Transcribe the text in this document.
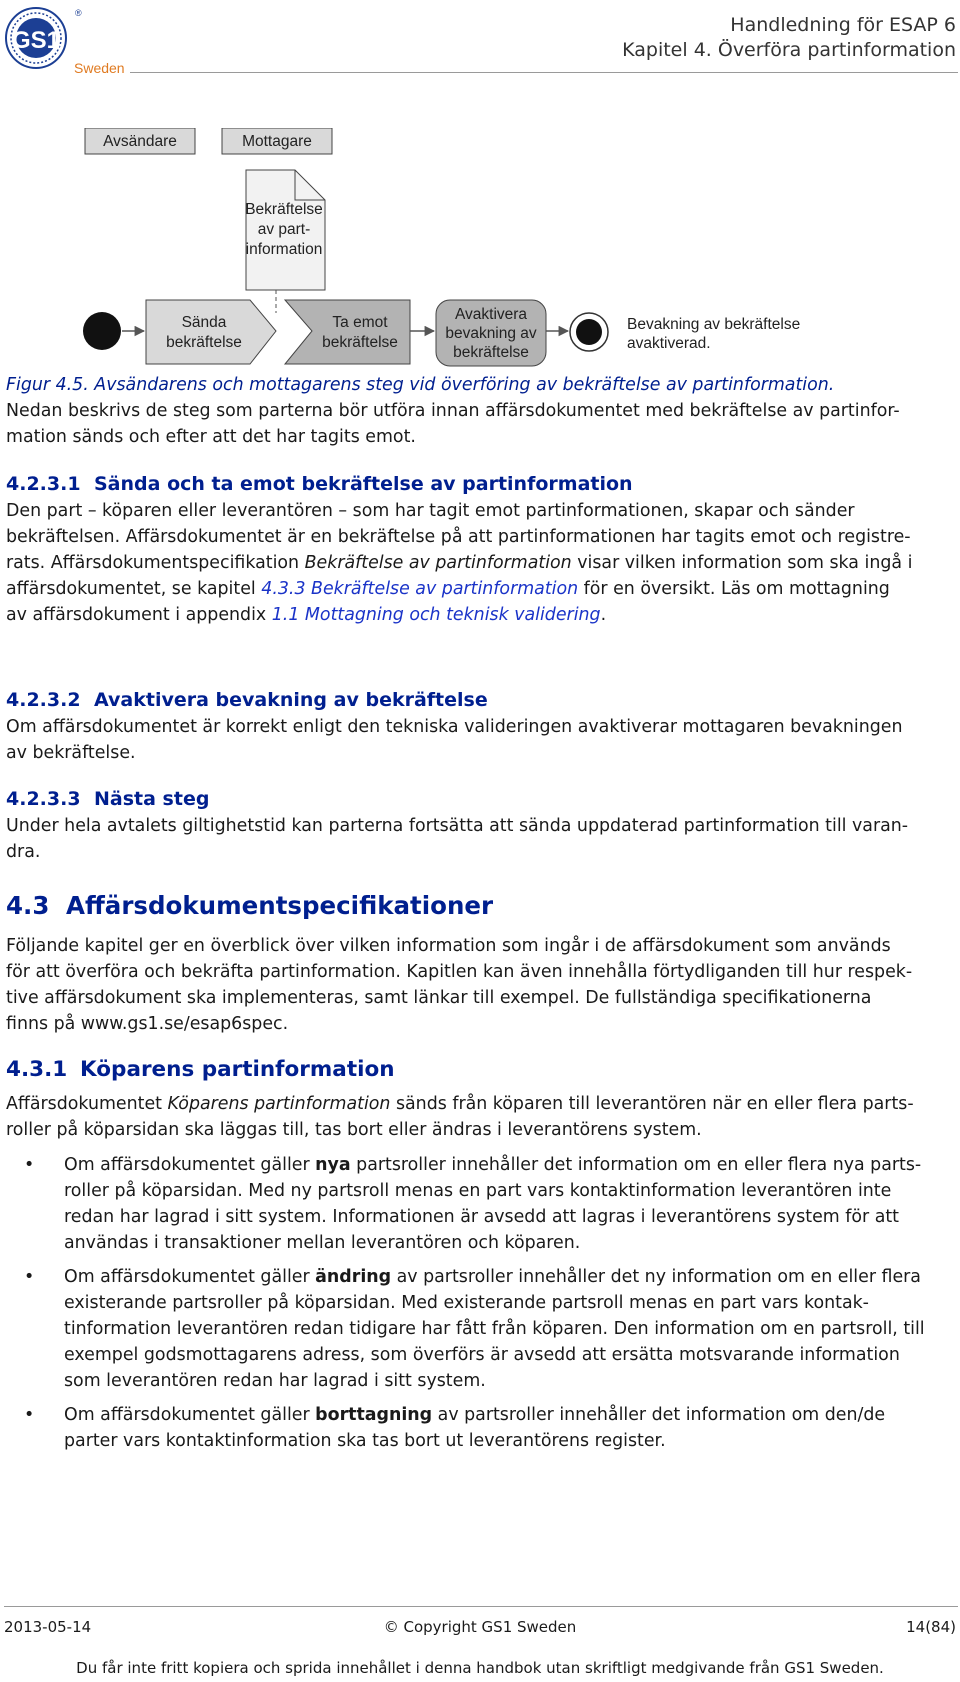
GS1
®
Sweden
Handledning för ESAP 6
Kapitel 4. Överföra partinformation
Avsändare	Mottagare
Bekräftelse
av part-
information
Sända
bekräftelse
Ta emot
bekräftelse
Avaktivera
bevakning av
bekräftelse
Bevakning av bekräftelse
avaktiverad.
Figur 4.5. Avsändarens och mottagarens steg vid överföring av bekräftelse av partinformation.
Nedan beskrivs de steg som parterna bör utföra innan affärsdokumentet med bekräftelse av partinfor-
mation sänds och efter att det har tagits emot.
4.2.3.1 Sända och ta emot bekräftelse av partinformation
Den part – köparen eller leverantören – som har tagit emot partinformationen, skapar och sänder
bekräftelsen. Affärsdokumentet är en bekräftelse på att partinformationen har tagits emot och registre-
rats. Affärsdokumentspecifikation Bekräftelse av partinformation visar vilken information som ska ingå i
affärsdokumentet, se kapitel 4.3.3 Bekräftelse av partinformation för en översikt. Läs om mottagning
av affärsdokument i appendix 1.1 Mottagning och teknisk validering.
4.2.3.2 Avaktivera bevakning av bekräftelse
Om affärsdokumentet är korrekt enligt den tekniska valideringen avaktiverar mottagaren bevakningen
av bekräftelse.
4.2.3.3 Nästa steg
Under hela avtalets giltighetstid kan parterna fortsätta att sända uppdaterad partinformation till varan-
dra.
4.3 Affärsdokumentspecifikationer
Följande kapitel ger en överblick över vilken information som ingår i de affärsdokument som används
för att överföra och bekräfta partinformation. Kapitlen kan även innehålla förtydliganden till hur respek-
tive affärsdokument ska implementeras, samt länkar till exempel. De fullständiga specifikationerna
finns på www.gs1.se/esap6spec.
4.3.1 Köparens partinformation
Affärsdokumentet Köparens partinformation sänds från köparen till leverantören när en eller flera parts-
roller på köparsidan ska läggas till, tas bort eller ändras i leverantörens system.
• Om affärsdokumentet gäller nya partsroller innehåller det information om en eller flera nya parts-
roller på köparsidan. Med ny partsroll menas en part vars kontaktinformation leverantören inte
redan har lagrad i sitt system. Informationen är avsedd att lagras i leverantörens system för att
användas i transaktioner mellan leverantören och köparen.
• Om affärsdokumentet gäller ändring av partsroller innehåller det ny information om en eller flera
existerande partsroller på köparsidan. Med existerande partsroll menas en part vars kontak-
tinformation leverantören redan tidigare har fått från köparen. Den information om en partsroll, till
exempel godsmottagarens adress, som överförs är avsedd att ersätta motsvarande information
som leverantören redan har lagrad i sitt system.
• Om affärsdokumentet gäller borttagning av partsroller innehåller det information om den/de
parter vars kontaktinformation ska tas bort ut leverantörens register.
2013-05-14	© Copyright GS1 Sweden	14(84)
Du får inte fritt kopiera och sprida innehållet i denna handbok utan skriftligt medgivande från GS1 Sweden.
